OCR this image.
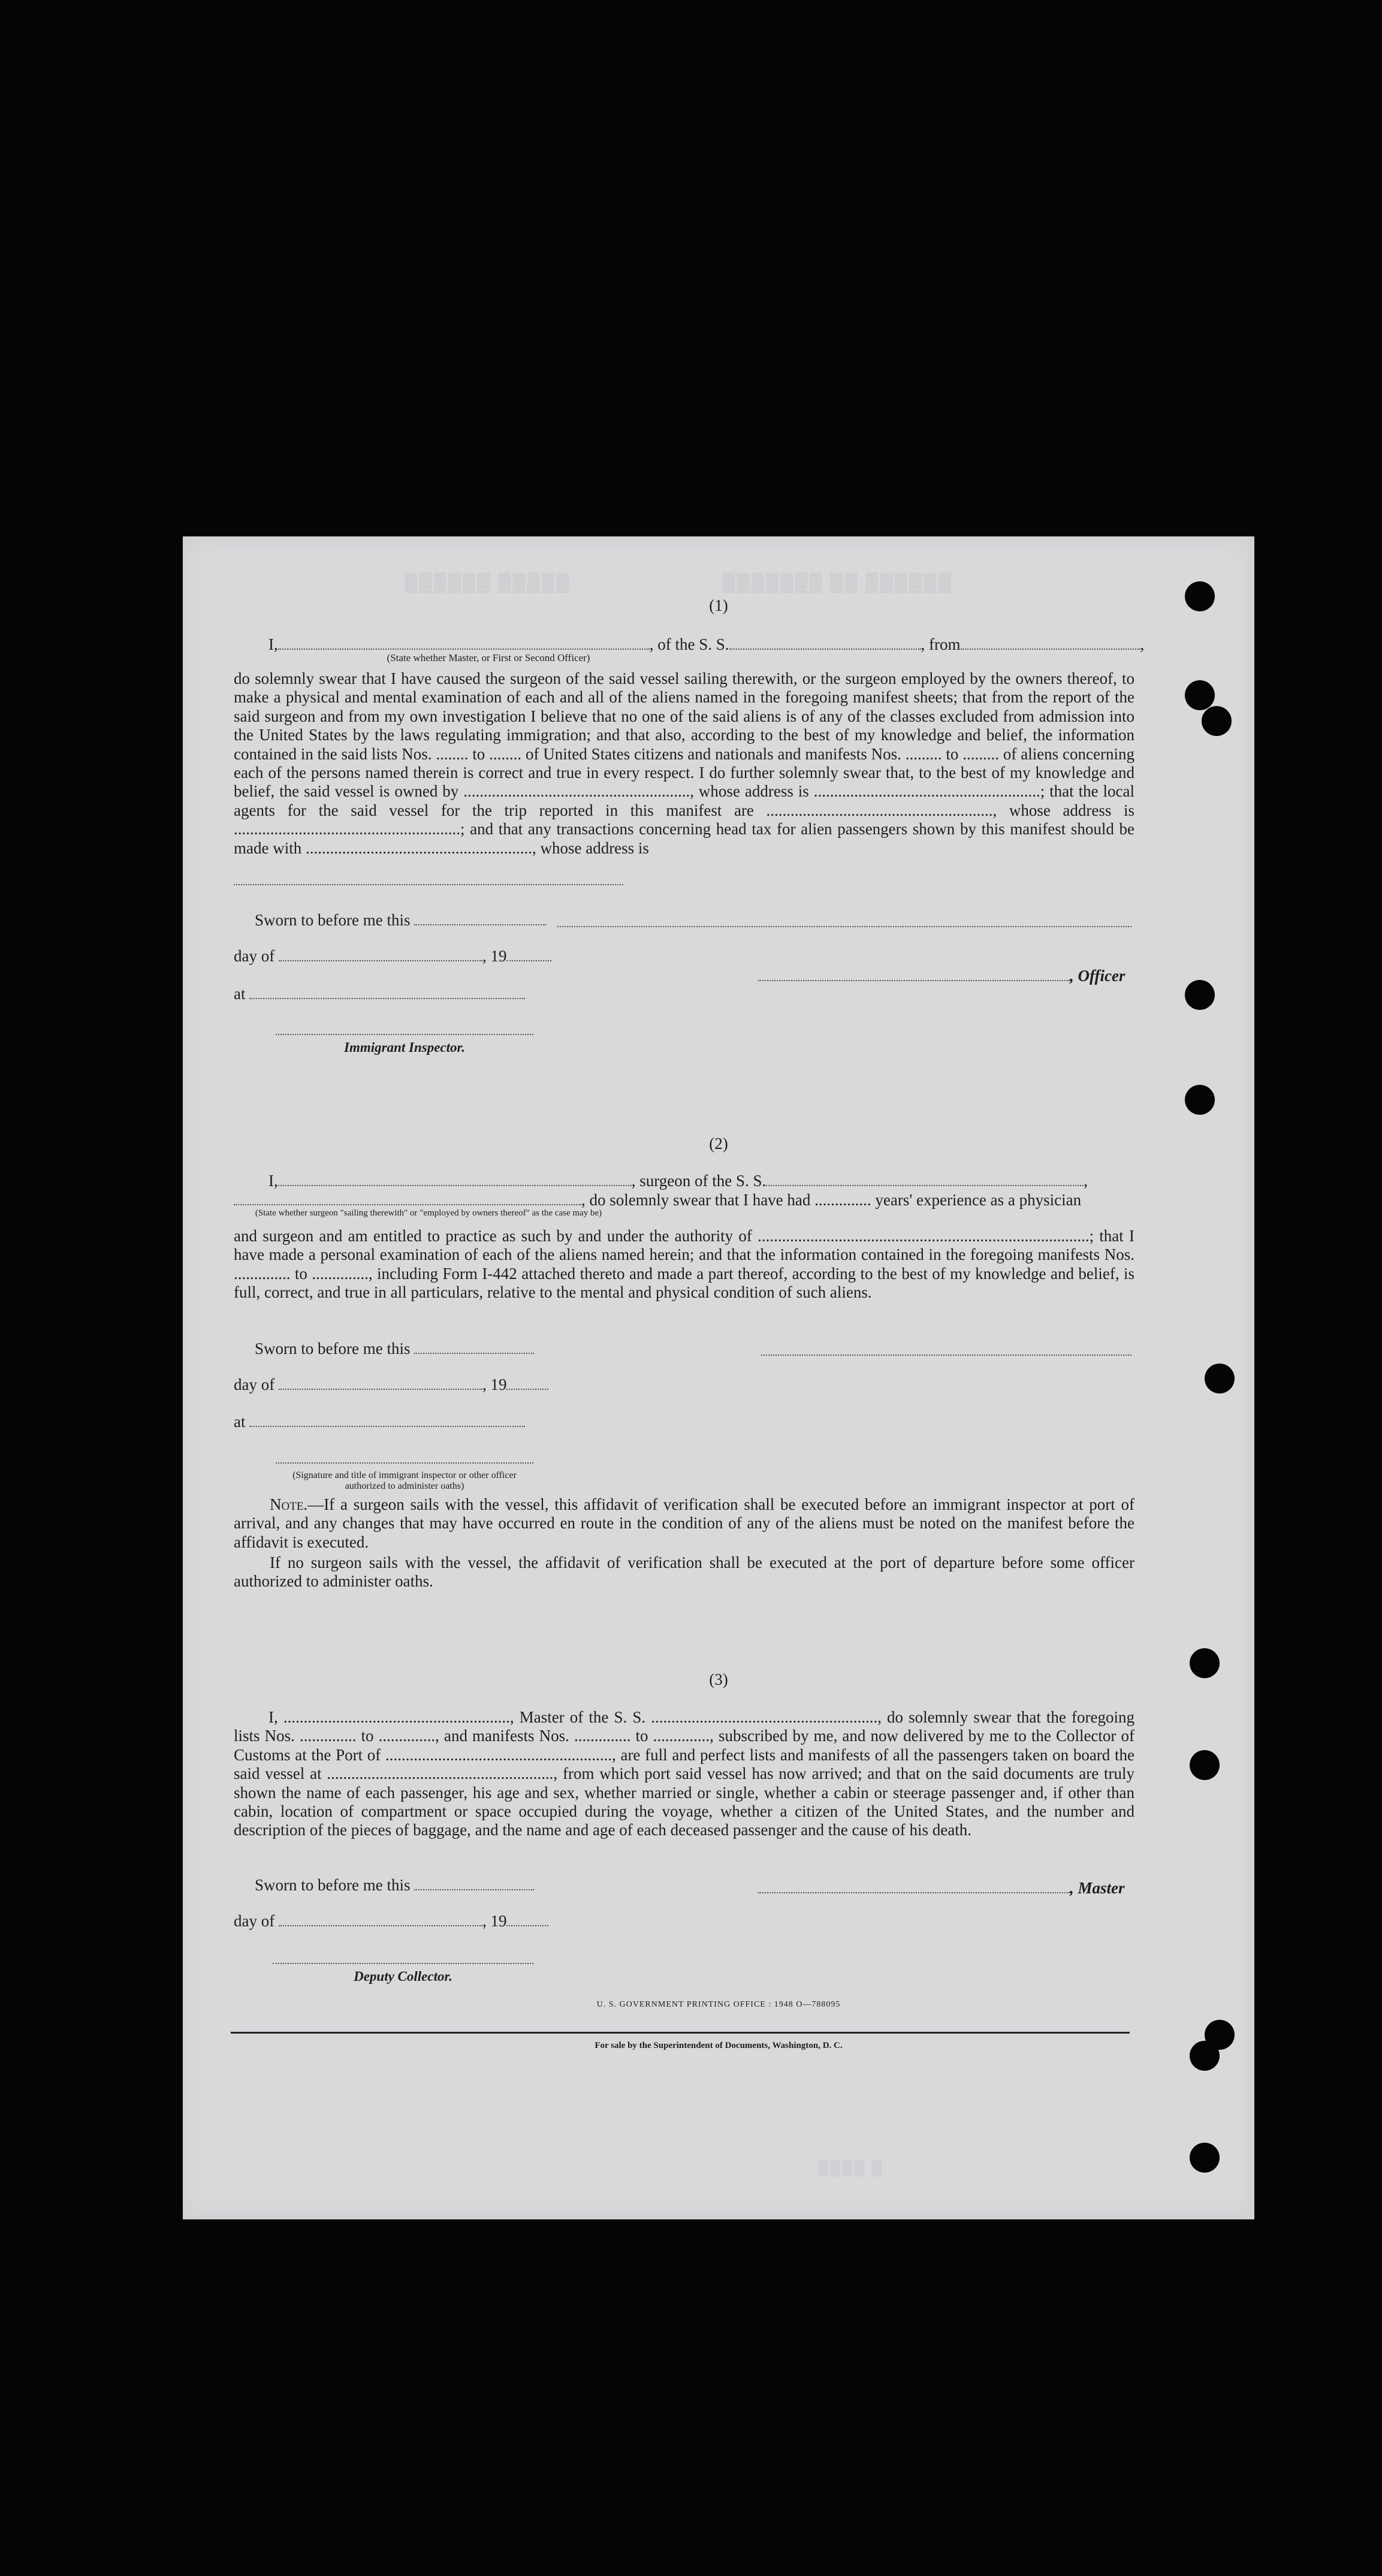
▒▒▒▒▒▒ ▒▒▒▒▒	▒▒▒▒▒▒▒ ▒▒ ▒▒▒▒▒▒
(1)
I,	, of the S. S.	, from	,
(State whether Master, or First or Second Officer)
do solemnly swear that I have caused the surgeon of the said vessel sailing therewith, or the surgeon employed by the owners thereof, to make a physical and mental examination of each and all of the aliens named in the foregoing manifest sheets; that from the report of the said surgeon and from my own investigation I believe that no one of the said aliens is of any of the classes excluded from admission into the United States by the laws regulating immigration; and that also, according to the best of my knowledge and belief, the information contained in the said lists Nos. ........ to ........ of United States citizens and nationals and manifests Nos. ......... to ......... of aliens concerning each of the persons named therein is correct and true in every respect. I do further solemnly swear that, to the best of my knowledge and belief, the said vessel is owned by ........................................................, whose address is ........................................................; that the local agents for the said vessel for the trip reported in this manifest are ........................................................, whose address is ........................................................; and that any transactions concerning head tax for alien passengers shown by this manifest should be made with ........................................................, whose address is
Sworn to before me this
day of	, 19
, Officer
at
Immigrant Inspector.
(2)
I,	, surgeon of the S. S.	,
, do solemnly swear that I have had .............. years' experience as a physician
(State whether surgeon "sailing therewith" or "employed by owners thereof" as the case may be)
and surgeon and am entitled to practice as such by and under the authority of ..................................................................................; that I have made a personal examination of each of the aliens named herein; and that the information contained in the foregoing manifests Nos. .............. to .............., including Form I-442 attached thereto and made a part thereof, according to the best of my knowledge and belief, is full, correct, and true in all particulars, relative to the mental and physical condition of such aliens.
Sworn to before me this
day of	, 19
at
(Signature and title of immigrant inspector or other officer authorized to administer oaths)
Note.—If a surgeon sails with the vessel, this affidavit of verification shall be executed before an immigrant inspector at port of arrival, and any changes that may have occurred en route in the condition of any of the aliens must be noted on the manifest before the affidavit is executed.
If no surgeon sails with the vessel, the affidavit of verification shall be executed at the port of departure before some officer authorized to administer oaths.
(3)
I, ........................................................, Master of the S. S. ........................................................, do solemnly swear that the foregoing lists Nos. .............. to .............., and manifests Nos. .............. to .............., subscribed by me, and now delivered by me to the Collector of Customs at the Port of ........................................................, are full and perfect lists and manifests of all the passengers taken on board the said vessel at ........................................................, from which port said vessel has now arrived; and that on the said documents are truly shown the name of each passenger, his age and sex, whether married or single, whether a cabin or steerage passenger and, if other than cabin, location of compartment or space occupied during the voyage, whether a citizen of the United States, and the number and description of the pieces of baggage, and the name and age of each deceased passenger and the cause of his death.
Sworn to before me this	, Master
day of	, 19
Deputy Collector.
U. S. GOVERNMENT PRINTING OFFICE : 1948 O—788095
For sale by the Superintendent of Documents, Washington, D. C.
▒▒▒▒ ▒
